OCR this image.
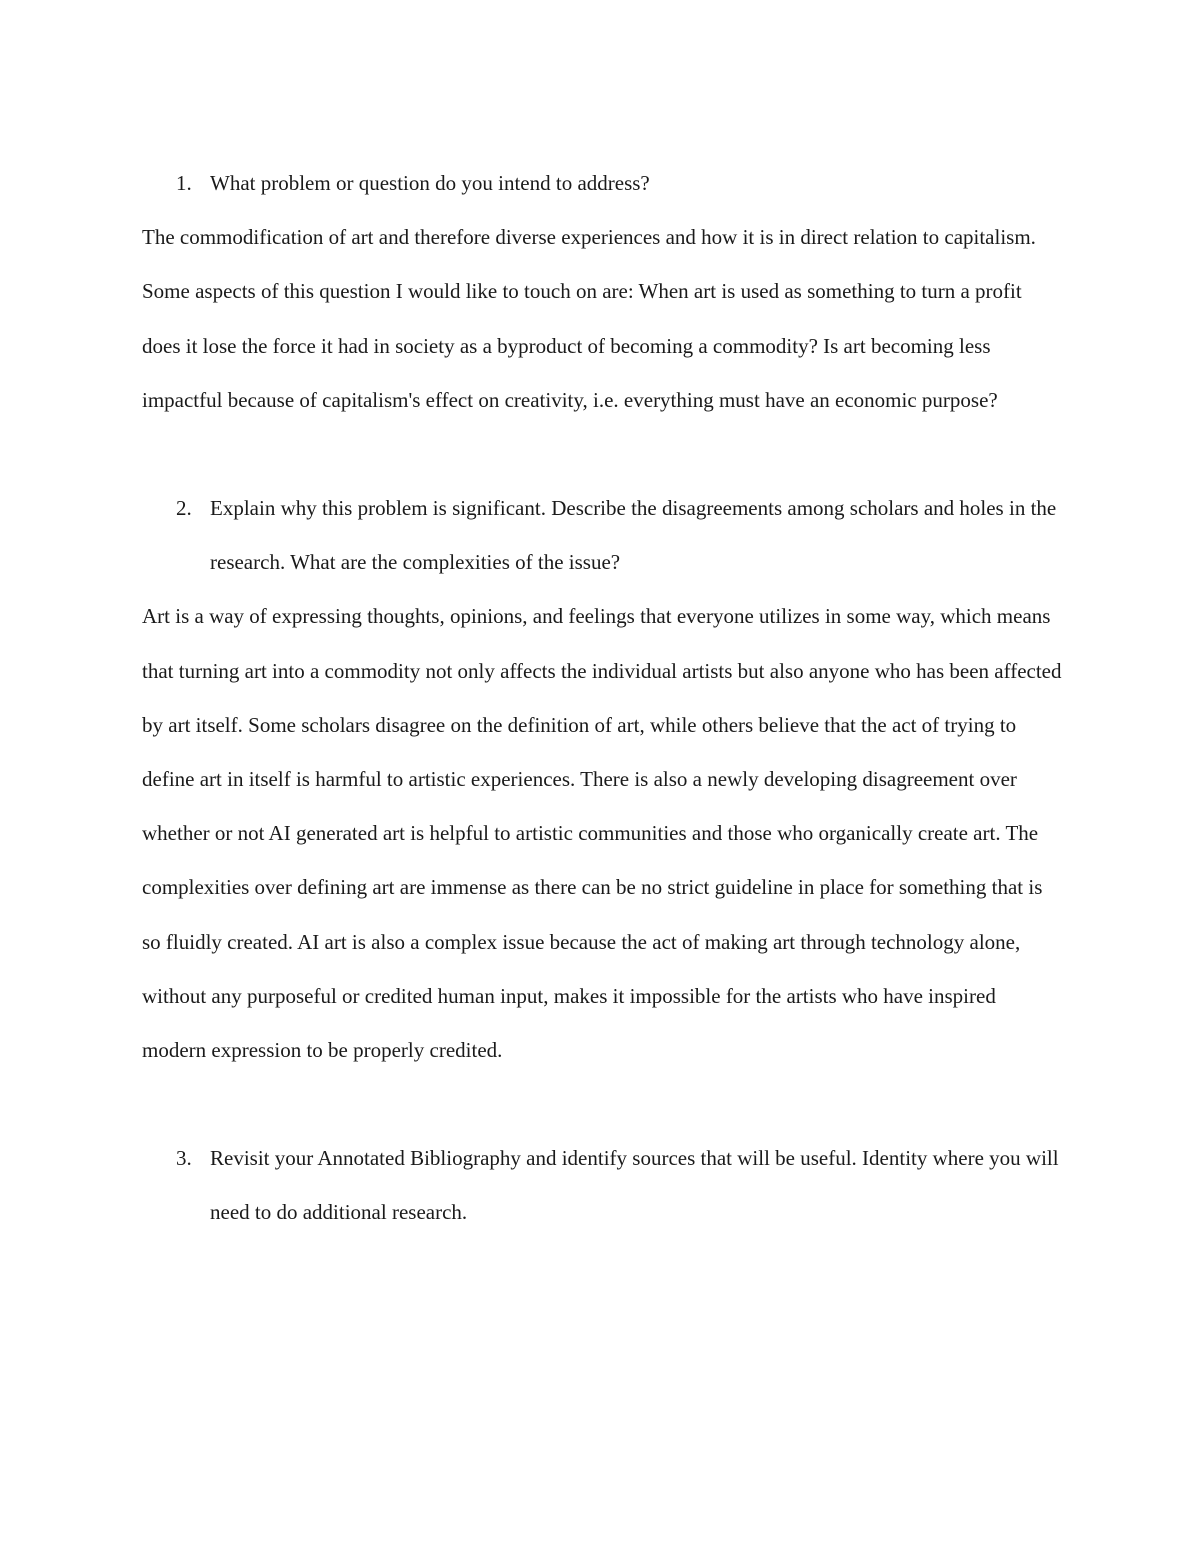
1. What problem or question do you intend to address?

The commodification of art and therefore diverse experiences and how it is in direct relation to capitalism. Some aspects of this question I would like to touch on are: When art is used as something to turn a profit does it lose the force it had in society as a byproduct of becoming a commodity? Is art becoming less impactful because of capitalism's effect on creativity, i.e. everything must have an economic purpose?

2. Explain why this problem is significant. Describe the disagreements among scholars and holes in the research. What are the complexities of the issue?

Art is a way of expressing thoughts, opinions, and feelings that everyone utilizes in some way, which means that turning art into a commodity not only affects the individual artists but also anyone who has been affected by art itself. Some scholars disagree on the definition of art, while others believe that the act of trying to define art in itself is harmful to artistic experiences. There is also a newly developing disagreement over whether or not AI generated art is helpful to artistic communities and those who organically create art. The complexities over defining art are immense as there can be no strict guideline in place for something that is so fluidly created. AI art is also a complex issue because the act of making art through technology alone, without any purposeful or credited human input, makes it impossible for the artists who have inspired modern expression to be properly credited.

3. Revisit your Annotated Bibliography and identify sources that will be useful. Identity where you will need to do additional research.
